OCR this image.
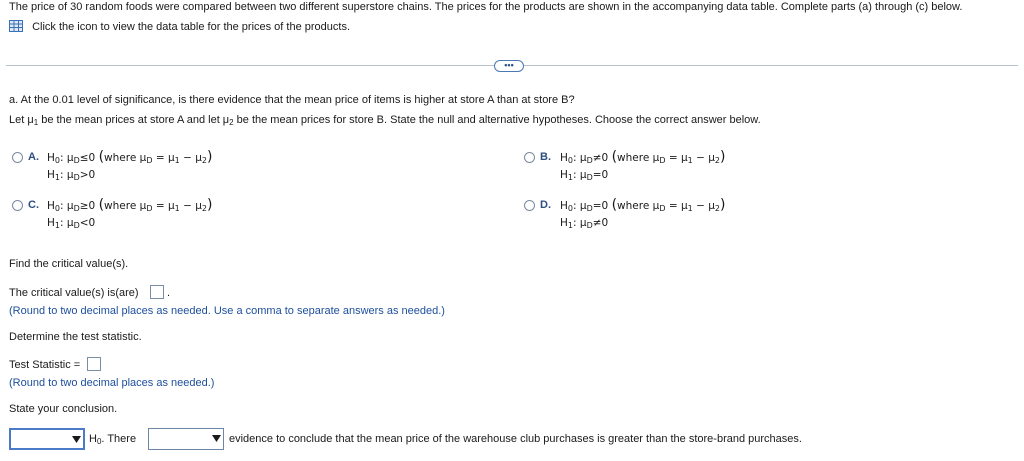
The price of 30 random foods were compared between two different superstore chains. The prices for the products are shown in the accompanying data table. Complete parts (a) through (c) below.
Click the icon to view the data table for the prices of the products.
•••
a. At the 0.01 level of significance, is there evidence that the mean price of items is higher at store A than at store B?
Let $\mu_1$ be the mean prices at store A and let $\mu_2$ be the mean prices for store B. State the null and alternative hypotheses. Choose the correct answer below.
A. $H_0$: $\mu_D\le 0$ (where $\mu_D = \mu_1 - \mu_2$)
$H_1$: $\mu_D>0$
B. $H_0$: $\mu_D\ne 0$ (where $\mu_D = \mu_1 - \mu_2$)
$H_1$: $\mu_D=0$
C. $H_0$: $\mu_D\ge 0$ (where $\mu_D = \mu_1 - \mu_2$)
$H_1$: $\mu_D<0$
D. $H_0$: $\mu_D=0$ (where $\mu_D = \mu_1 - \mu_2$)
$H_1$: $\mu_D\ne 0$
Find the critical value(s).
The critical value(s) is(are)	.
(Round to two decimal places as needed. Use a comma to separate answers as needed.)
Determine the test statistic.
Test Statistic =
(Round to two decimal places as needed.)
State your conclusion.
$H_0$. There	evidence to conclude that the mean price of the warehouse club purchases is greater than the store-brand purchases.
